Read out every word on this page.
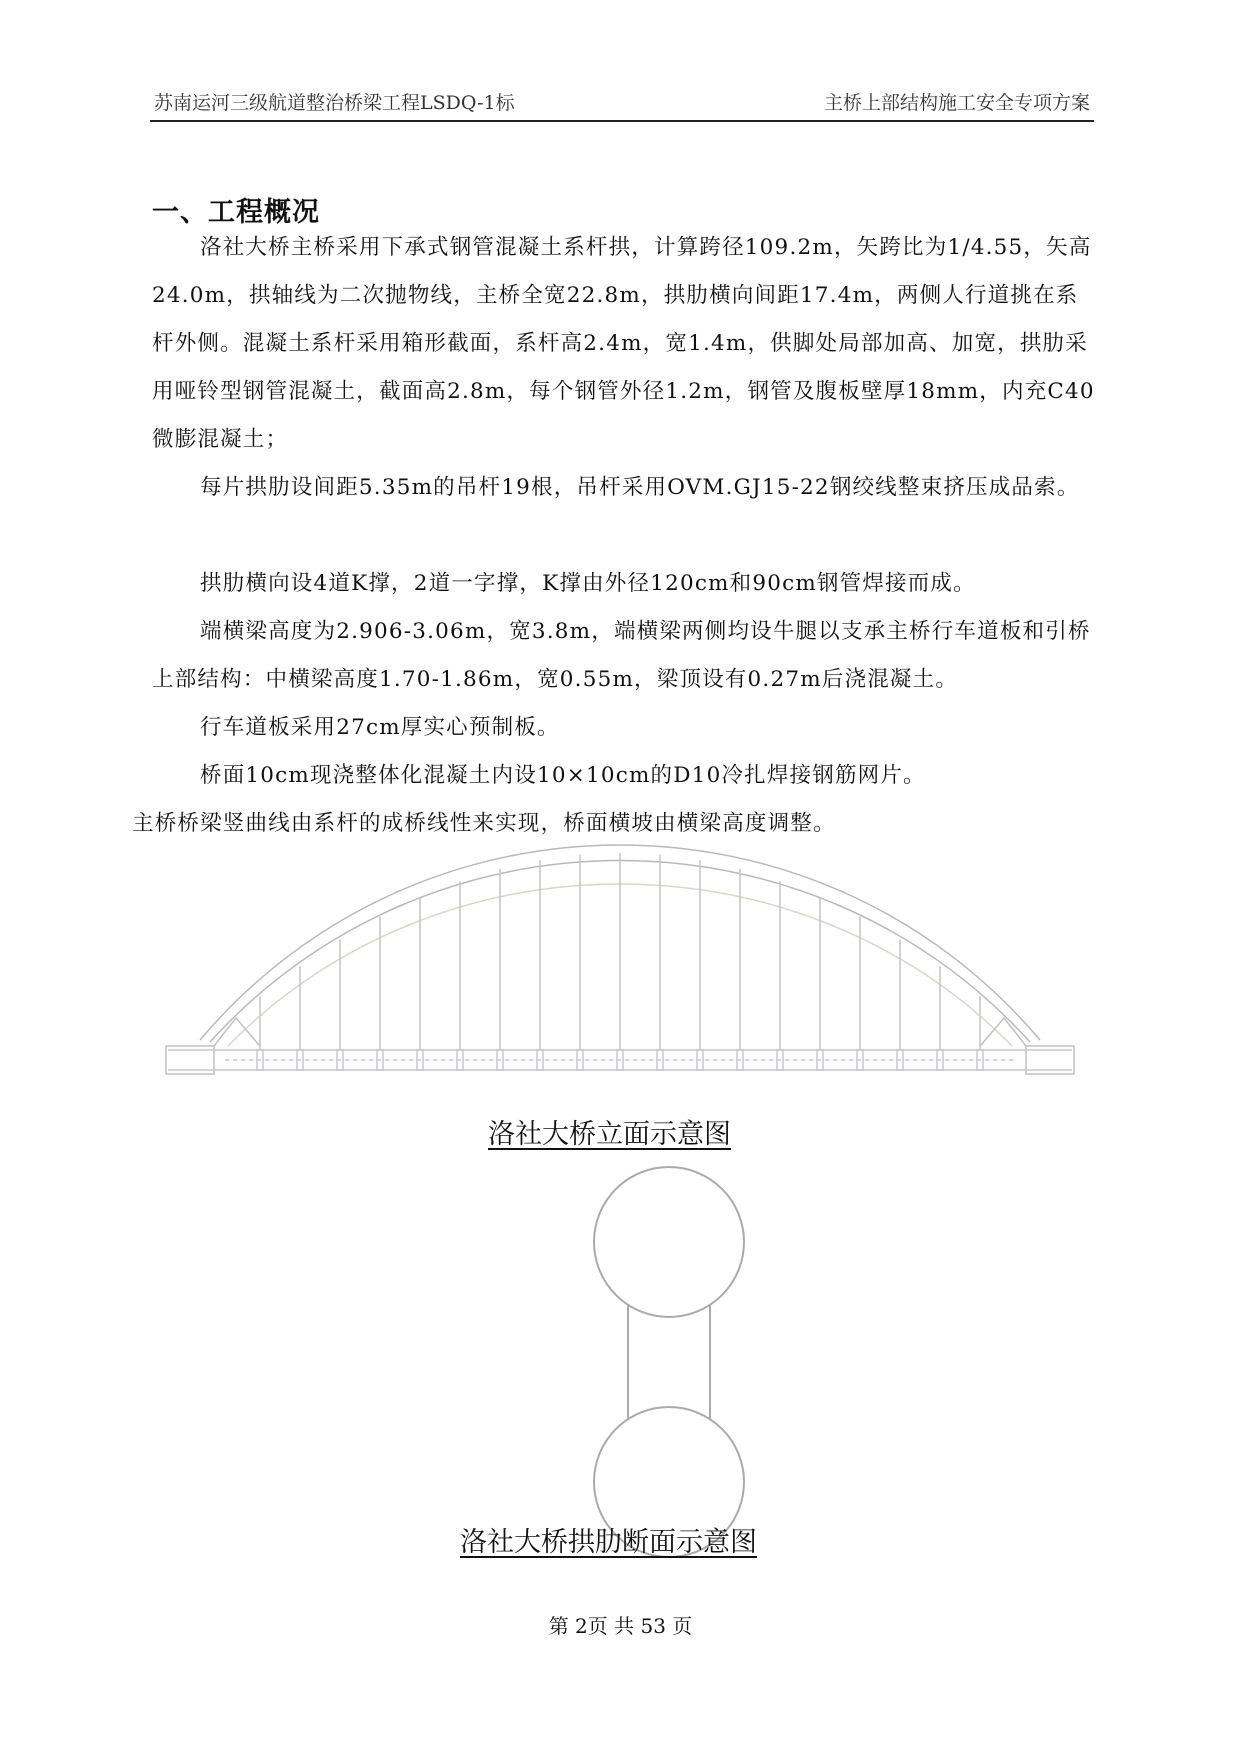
苏南运河三级航道整治桥梁工程LSDQ-1标	主桥上部结构施工安全专项方案
一、工程概况

洛社大桥主桥采用下承式钢管混凝土系杆拱，计算跨径109.2m，矢跨比为1/4.55，矢高24.0m，拱轴线为二次抛物线，主桥全宽22.8m，拱肋横向间距17.4m，两侧人行道挑在系杆外侧。混凝土系杆采用箱形截面，系杆高2.4m，宽1.4m，供脚处局部加高、加宽，拱肋采用哑铃型钢管混凝土，截面高2.8m，每个钢管外径1.2m，钢管及腹板壁厚18mm，内充C40微膨混凝土；

每片拱肋设间距5.35m的吊杆19根，吊杆采用OVM.GJ15-22钢绞线整束挤压成品索。

拱肋横向设4道K撑，2道一字撑，K撑由外径120cm和90cm钢管焊接而成。

端横梁高度为2.906-3.06m，宽3.8m，端横梁两侧均设牛腿以支承主桥行车道板和引桥上部结构：中横梁高度1.70-1.86m，宽0.55m，梁顶设有0.27m后浇混凝土。

行车道板采用27cm厚实心预制板。

桥面10cm现浇整体化混凝土内设10×10cm的D10冷扎焊接钢筋网片。

主桥桥梁竖曲线由系杆的成桥线性来实现，桥面横坡由横梁高度调整。

洛社大桥立面示意图
洛社大桥拱肋断面示意图
第 2页 共 53 页
